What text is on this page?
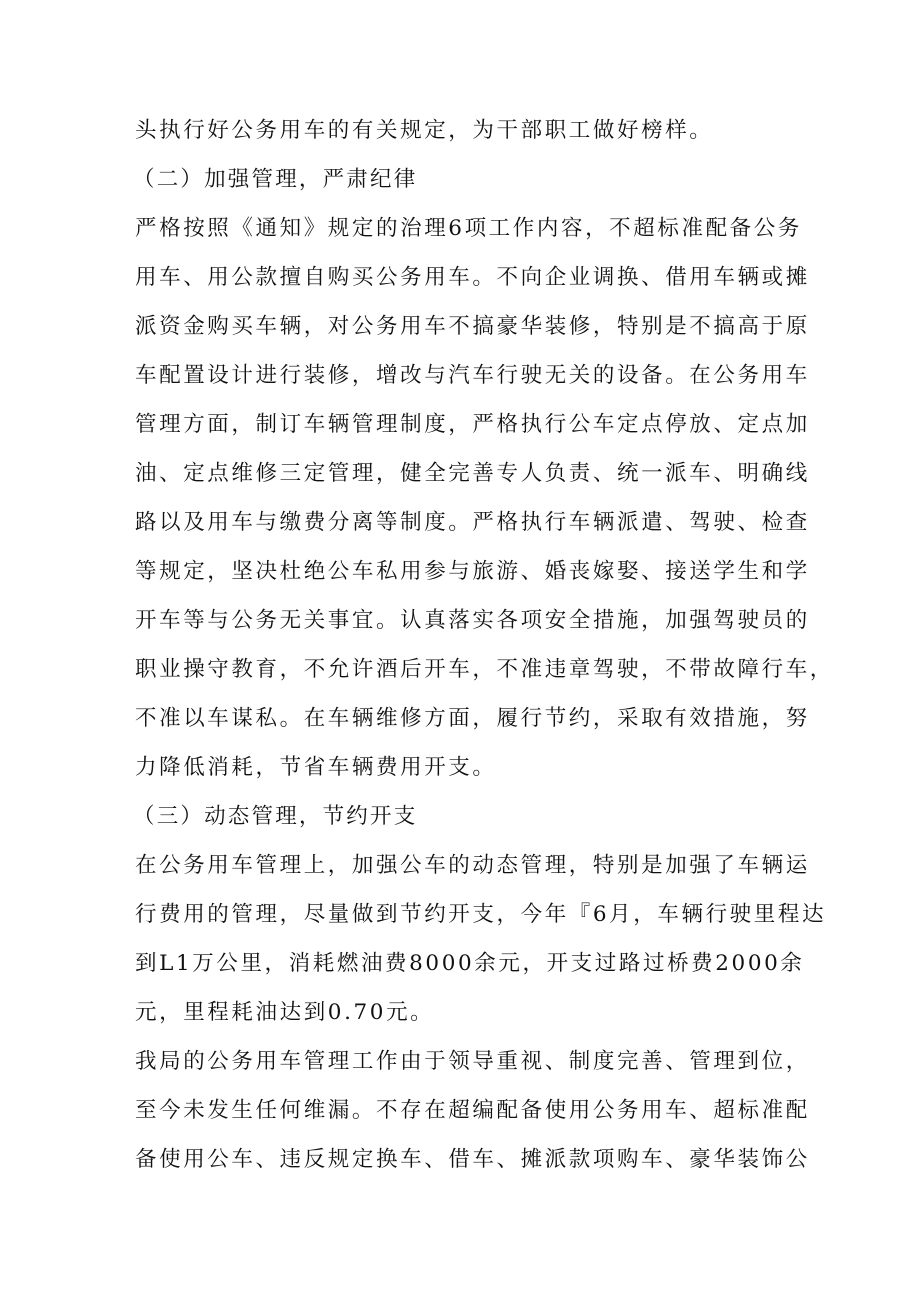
头执行好公务用车的有关规定，为干部职工做好榜样。
（二）加强管理，严肃纪律
严格按照《通知》规定的治理6项工作内容，不超标准配备公务
用车、用公款擅自购买公务用车。不向企业调换、借用车辆或摊
派资金购买车辆，对公务用车不搞豪华装修，特别是不搞高于原
车配置设计进行装修，增改与汽车行驶无关的设备。在公务用车
管理方面，制订车辆管理制度，严格执行公车定点停放、定点加
油、定点维修三定管理，健全完善专人负责、统一派车、明确线
路以及用车与缴费分离等制度。严格执行车辆派遣、驾驶、检查
等规定，坚决杜绝公车私用参与旅游、婚丧嫁娶、接送学生和学
开车等与公务无关事宜。认真落实各项安全措施，加强驾驶员的
职业操守教育，不允许酒后开车，不准违章驾驶，不带故障行车，
不准以车谋私。在车辆维修方面，履行节约，采取有效措施，努
力降低消耗，节省车辆费用开支。
（三）动态管理，节约开支
在公务用车管理上，加强公车的动态管理，特别是加强了车辆运
行费用的管理，尽量做到节约开支，今年『6月，车辆行驶里程达
到L1万公里，消耗燃油费8000余元，开支过路过桥费2000余
元，里程耗油达到0.70元。
我局的公务用车管理工作由于领导重视、制度完善、管理到位，
至今未发生任何维漏。不存在超编配备使用公务用车、超标准配
备使用公车、违反规定换车、借车、摊派款项购车、豪华装饰公
